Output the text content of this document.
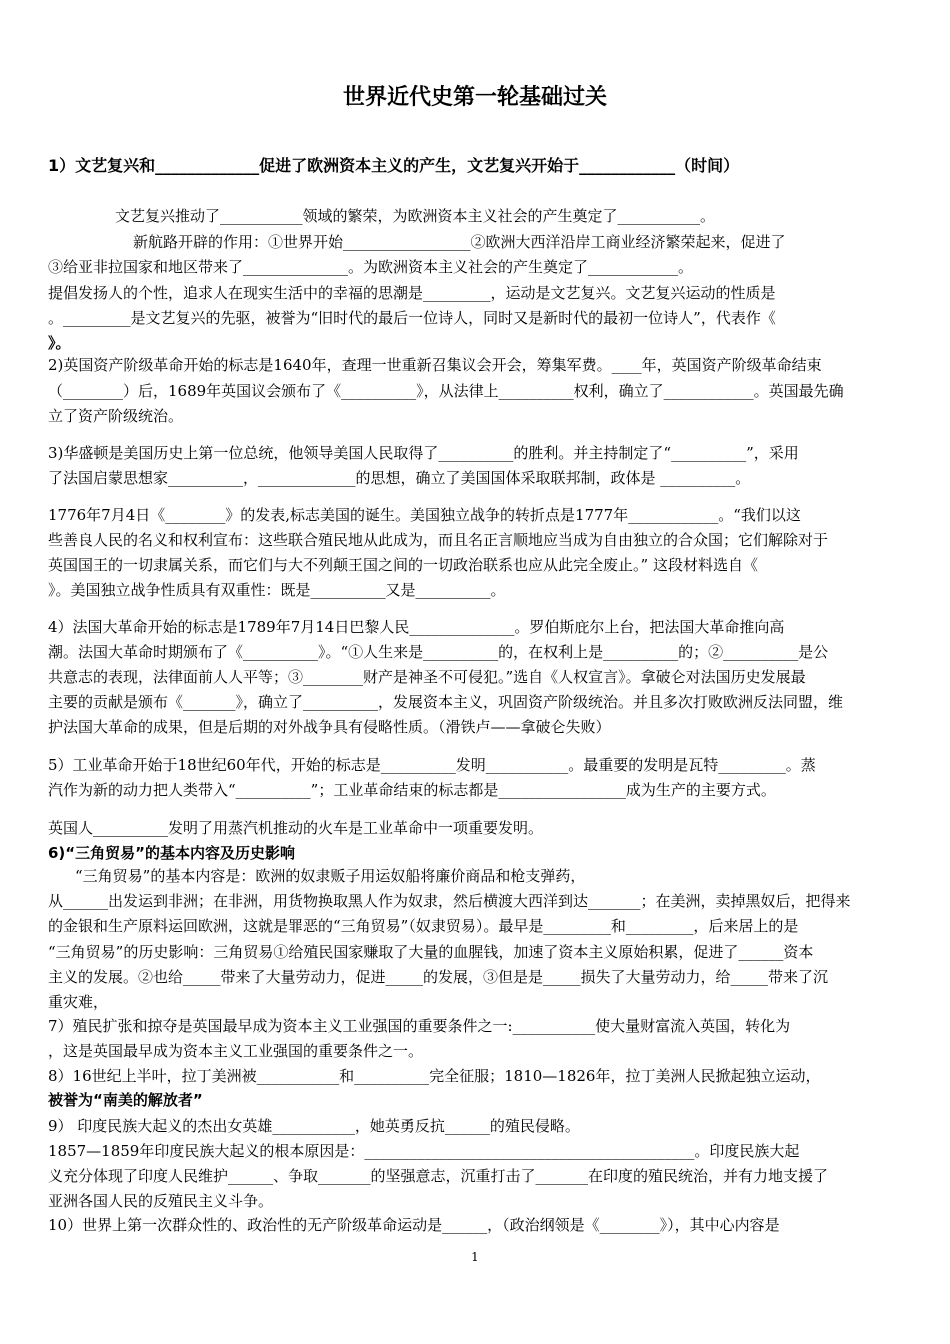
世界近代史第一轮基础过关
1）文艺复兴和_____________促进了欧洲资本主义的产生，文艺复兴开始于____________（时间）
文艺复兴推动了___________领域的繁荣，为欧洲资本主义社会的产生奠定了___________。
新航路开辟的作用：①世界开始_________________②欧洲大西洋沿岸工商业经济繁荣起来，促进了
③给亚非拉国家和地区带来了______________。为欧洲资本主义社会的产生奠定了____________。
提倡发扬人的个性，追求人在现实生活中的幸福的思潮是_________，运动是文艺复兴。文艺复兴运动的性质是
。_________是文艺复兴的先驱，被誉为“旧时代的最后一位诗人，同时又是新时代的最初一位诗人”，代表作《
》。
2)英国资产阶级革命开始的标志是1640年，查理一世重新召集议会开会，筹集军费。____年，英国资产阶级革命结束
（________）后，1689年英国议会颁布了《__________》，从法律上__________权利，确立了____________。英国最先确
立了资产阶级统治。
3)华盛顿是美国历史上第一位总统，他领导美国人民取得了__________的胜利。并主持制定了“__________”，采用
了法国启蒙思想家__________，_____________的思想，确立了美国国体采取联邦制，政体是 __________。
1776年7月4日《________》的发表,标志美国的诞生。美国独立战争的转折点是1777年____________。“我们以这
些善良人民的名义和权利宣布：这些联合殖民地从此成为，而且名正言顺地应当成为自由独立的合众国；它们解除对于
英国国王的一切隶属关系，而它们与大不列颠王国之间的一切政治联系也应从此完全废止。” 这段材料选自《
》。美国独立战争性质具有双重性：既是__________又是__________。
4）法国大革命开始的标志是1789年7月14日巴黎人民______________。罗伯斯庇尔上台，把法国大革命推向高
潮。法国大革命时期颁布了《__________》。“①人生来是__________的，在权利上是__________的；②__________是公
共意志的表现，法律面前人人平等；③________财产是神圣不可侵犯。”选自《人权宣言》。拿破仑对法国历史发展最
主要的贡献是颁布《_______》，确立了__________，发展资本主义，巩固资产阶级统治。并且多次打败欧洲反法同盟，维
护法国大革命的成果，但是后期的对外战争具有侵略性质。（滑铁卢——拿破仑失败）
5）工业革命开始于18世纪60年代，开始的标志是__________发明___________。最重要的发明是瓦特_________。蒸
汽作为新的动力把人类带入“__________”；工业革命结束的标志都是_________________成为生产的主要方式。
英国人__________发明了用蒸汽机推动的火车是工业革命中一项重要发明。
6)“三角贸易”的基本内容及历史影响
“三角贸易”的基本内容是：欧洲的奴隶贩子用运奴船将廉价商品和枪支弹药，
从______出发运到非洲；在非洲，用货物换取黑人作为奴隶，然后横渡大西洋到达_______；在美洲，卖掉黑奴后，把得来
的金银和生产原料运回欧洲，这就是罪恶的“三角贸易”（奴隶贸易）。最早是_________和_________，后来居上的是
“三角贸易”的历史影响：三角贸易①给殖民国家赚取了大量的血腥钱，加速了资本主义原始积累，促进了______资本
主义的发展。②也给_____带来了大量劳动力，促进_____的发展，③但是是_____损失了大量劳动力，给_____带来了沉
重灾难，
7）殖民扩张和掠夺是英国最早成为资本主义工业强国的重要条件之一:___________使大量财富流入英国，转化为
，这是英国最早成为资本主义工业强国的重要条件之一。
8）16世纪上半叶，拉丁美洲被___________和__________完全征服；1810—1826年，拉丁美洲人民掀起独立运动，
被誉为“南美的解放者”
9） 印度民族大起义的杰出女英雄___________，她英勇反抗______的殖民侵略。
1857—1859年印度民族大起义的根本原因是：____________________________________________。印度民族大起
义充分体现了印度人民维护______、争取_______的坚强意志，沉重打击了_______在印度的殖民统治，并有力地支援了
亚洲各国人民的反殖民主义斗争。
10）世界上第一次群众性的、政治性的无产阶级革命运动是______，（政治纲领是《________》），其中心内容是
1
